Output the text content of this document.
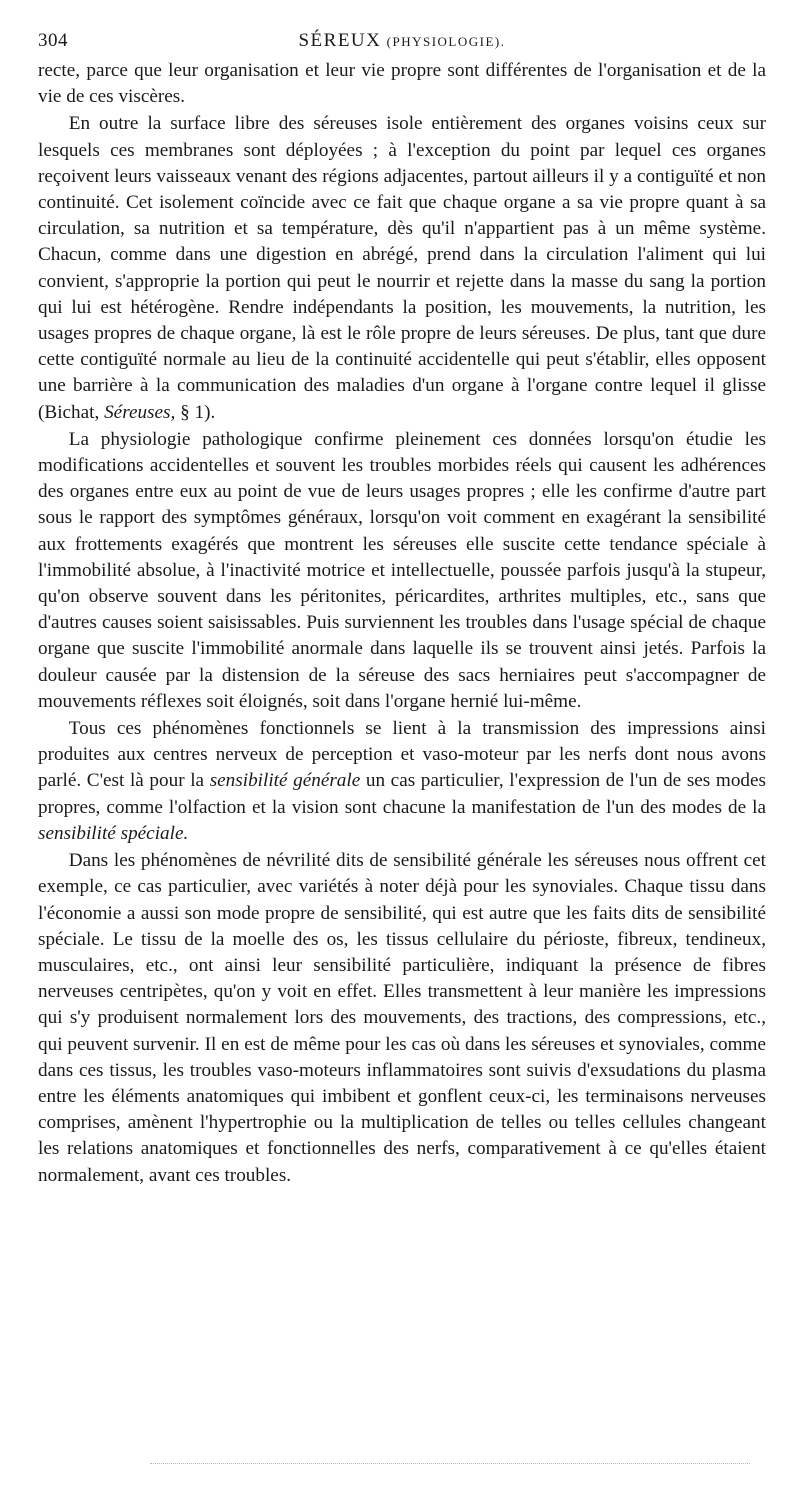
304	SÉREUX (PHYSIOLOGIE).

recte, parce que leur organisation et leur vie propre sont différentes de l'organisation et de la vie de ces viscères.

En outre la surface libre des séreuses isole entièrement des organes voisins ceux sur lesquels ces membranes sont déployées ; à l'exception du point par lequel ces organes reçoivent leurs vaisseaux venant des régions adjacentes, partout ailleurs il y a contiguïté et non continuité. Cet isolement coïncide avec ce fait que chaque organe a sa vie propre quant à sa circulation, sa nutrition et sa température, dès qu'il n'appartient pas à un même système. Chacun, comme dans une digestion en abrégé, prend dans la circulation l'aliment qui lui convient, s'approprie la portion qui peut le nourrir et rejette dans la masse du sang la portion qui lui est hétérogène. Rendre indépendants la position, les mouvements, la nutrition, les usages propres de chaque organe, là est le rôle propre de leurs séreuses. De plus, tant que dure cette contiguïté normale au lieu de la continuité accidentelle qui peut s'établir, elles opposent une barrière à la communication des maladies d'un organe à l'organe contre lequel il glisse (Bichat, Séreuses, § 1).

La physiologie pathologique confirme pleinement ces données lorsqu'on étudie les modifications accidentelles et souvent les troubles morbides réels qui causent les adhérences des organes entre eux au point de vue de leurs usages propres ; elle les confirme d'autre part sous le rapport des symptômes généraux, lorsqu'on voit comment en exagérant la sensibilité aux frottements exagérés que montrent les séreuses elle suscite cette tendance spéciale à l'immobilité absolue, à l'inactivité motrice et intellectuelle, poussée parfois jusqu'à la stupeur, qu'on observe souvent dans les péritonites, péricardites, arthrites multiples, etc., sans que d'autres causes soient saisissables. Puis surviennent les troubles dans l'usage spécial de chaque organe que suscite l'immobilité anormale dans laquelle ils se trouvent ainsi jetés. Parfois la douleur causée par la distension de la séreuse des sacs herniaires peut s'accompagner de mouvements réflexes soit éloignés, soit dans l'organe hernié lui-même.

Tous ces phénomènes fonctionnels se lient à la transmission des impressions ainsi produites aux centres nerveux de perception et vaso-moteur par les nerfs dont nous avons parlé. C'est là pour la sensibilité générale un cas particulier, l'expression de l'un de ses modes propres, comme l'olfaction et la vision sont chacune la manifestation de l'un des modes de la sensibilité spéciale.

Dans les phénomènes de névrilité dits de sensibilité générale les séreuses nous offrent cet exemple, ce cas particulier, avec variétés à noter déjà pour les synoviales. Chaque tissu dans l'économie a aussi son mode propre de sensibilité, qui est autre que les faits dits de sensibilité spéciale. Le tissu de la moelle des os, les tissus cellulaire du périoste, fibreux, tendineux, musculaires, etc., ont ainsi leur sensibilité particulière, indiquant la présence de fibres nerveuses centripètes, qu'on y voit en effet. Elles transmettent à leur manière les impressions qui s'y produisent normalement lors des mouvements, des tractions, des compressions, etc., qui peuvent survenir. Il en est de même pour les cas où dans les séreuses et synoviales, comme dans ces tissus, les troubles vaso-moteurs inflammatoires sont suivis d'exsudations du plasma entre les éléments anatomiques qui imbibent et gonflent ceux-ci, les terminaisons nerveuses comprises, amènent l'hypertrophie ou la multiplication de telles ou telles cellules changeant les relations anatomiques et fonctionnelles des nerfs, comparativement à ce qu'elles étaient normalement, avant ces troubles.
